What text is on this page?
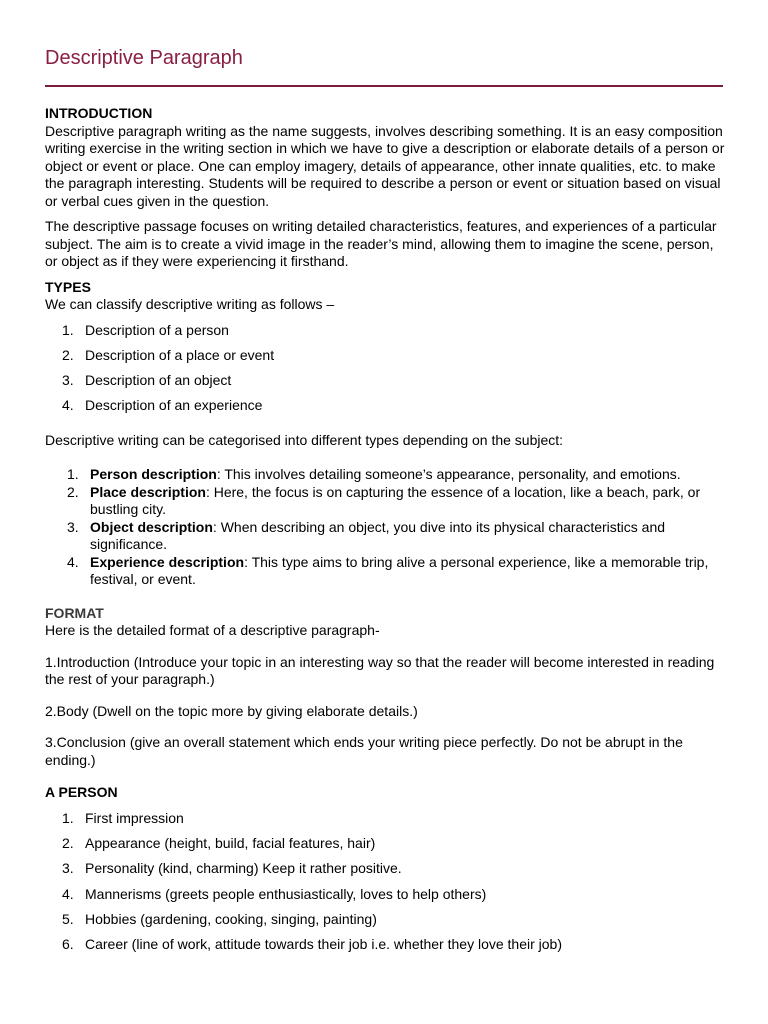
Descriptive Paragraph
INTRODUCTION

Descriptive paragraph writing as the name suggests, involves describing something. It is an easy composition writing exercise in the writing section in which we have to give a description or elaborate details of a person or object or event or place. One can employ imagery, details of appearance, other innate qualities, etc. to make the paragraph interesting. Students will be required to describe a person or event or situation based on visual or verbal cues given in the question.

The descriptive passage focuses on writing detailed characteristics, features, and experiences of a particular subject. The aim is to create a vivid image in the reader’s mind, allowing them to imagine the scene, person, or object as if they were experiencing it firsthand.

TYPES

We can classify descriptive writing as follows –

1. Description of a person
2. Description of a place or event
3. Description of an object
4. Description of an experience

Descriptive writing can be categorised into different types depending on the subject:

1. Person description: This involves detailing someone’s appearance, personality, and emotions.
2. Place description: Here, the focus is on capturing the essence of a location, like a beach, park, or bustling city.
3. Object description: When describing an object, you dive into its physical characteristics and significance.
4. Experience description: This type aims to bring alive a personal experience, like a memorable trip, festival, or event.
FORMAT

Here is the detailed format of a descriptive paragraph-

1.Introduction (Introduce your topic in an interesting way so that the reader will become interested in reading the rest of your paragraph.)

2.Body (Dwell on the topic more by giving elaborate details.)

3.Conclusion (give an overall statement which ends your writing piece perfectly. Do not be abrupt in the ending.)

A PERSON
1. First impression
2. Appearance (height, build, facial features, hair)
3. Personality (kind, charming) Keep it rather positive.
4. Mannerisms (greets people enthusiastically, loves to help others)
5. Hobbies (gardening, cooking, singing, painting)
6. Career (line of work, attitude towards their job i.e. whether they love their job)
